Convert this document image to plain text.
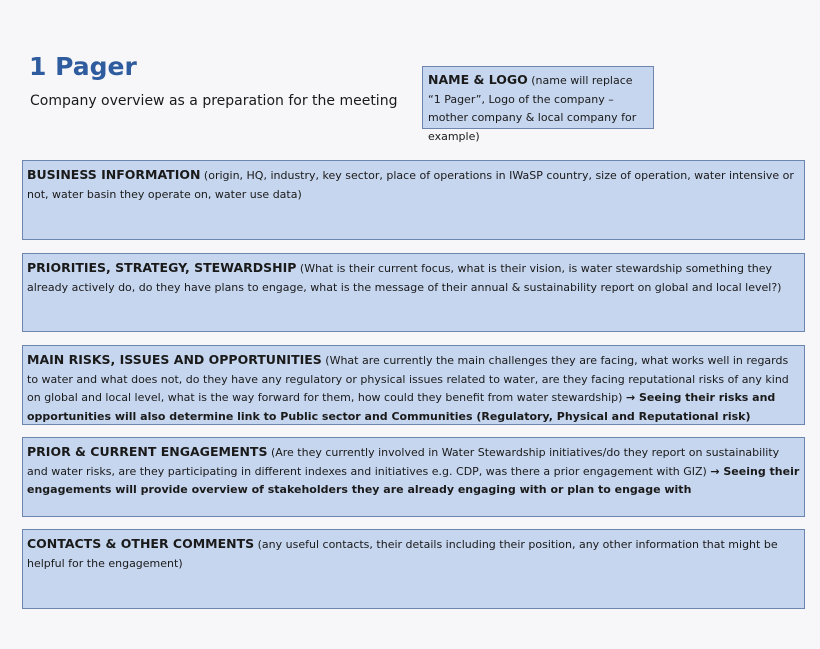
1 Pager

Company overview as a preparation for the meeting

NAME & LOGO (name will replace “1 Pager”, Logo of the company – mother company & local company for example)
BUSINESS INFORMATION (origin, HQ, industry, key sector, place of operations in IWaSP country, size of operation, water intensive or not, water basin they operate on, water use data)
PRIORITIES, STRATEGY, STEWARDSHIP (What is their current focus, what is their vision, is water stewardship something they already actively do, do they have plans to engage, what is the message of their annual & sustainability report on global and local level?)
MAIN RISKS, ISSUES AND OPPORTUNITIES (What are currently the main challenges they are facing, what works well in regards to water and what does not, do they have any regulatory or physical issues related to water, are they facing reputational risks of any kind on global and local level, what is the way forward for them, how could they benefit from water stewardship) → Seeing their risks and opportunities will also determine link to Public sector and Communities (Regulatory, Physical and Reputational risk)
PRIOR & CURRENT ENGAGEMENTS (Are they currently involved in Water Stewardship initiatives/do they report on sustainability and water risks, are they participating in different indexes and initiatives e.g. CDP, was there a prior engagement with GIZ) → Seeing their engagements will provide overview of stakeholders they are already engaging with or plan to engage with
CONTACTS & OTHER COMMENTS (any useful contacts, their details including their position, any other information that might be helpful for the engagement)
